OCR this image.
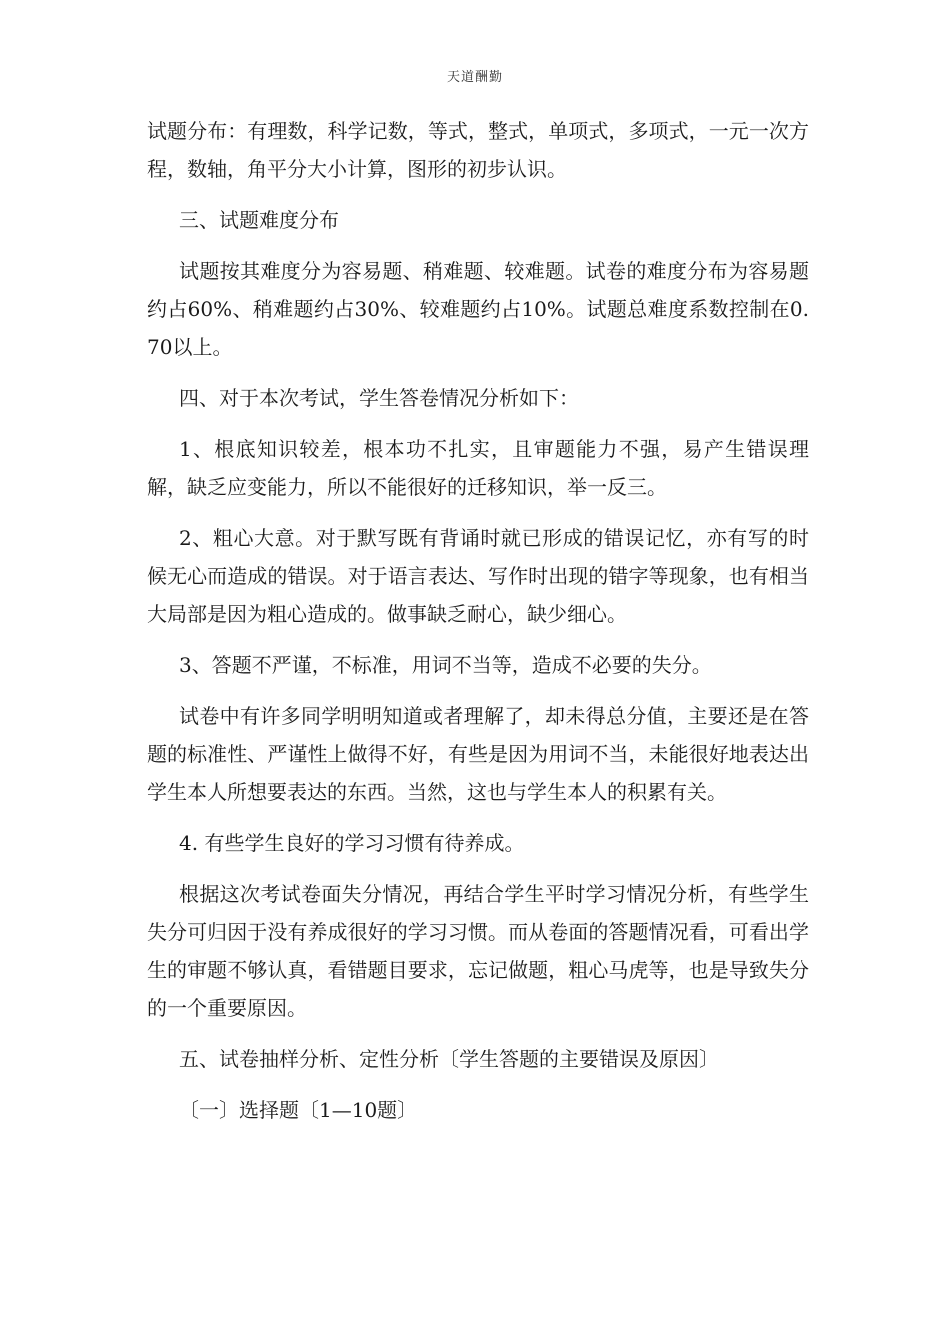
天道酬勤

试题分布：有理数，科学记数，等式，整式，单项式，多项式，一元一次方程，数轴，角平分大小计算，图形的初步认识。

三、试题难度分布

试题按其难度分为容易题、稍难题、较难题。试卷的难度分布为容易题约占60%、稍难题约占30%、较难题约占10%。试题总难度系数控制在0.70以上。

四、对于本次考试，学生答卷情况分析如下：

1、根底知识较差，根本功不扎实，且审题能力不强，易产生错误理解，缺乏应变能力，所以不能很好的迁移知识，举一反三。

2、粗心大意。对于默写既有背诵时就已形成的错误记忆，亦有写的时候无心而造成的错误。对于语言表达、写作时出现的错字等现象，也有相当大局部是因为粗心造成的。做事缺乏耐心，缺少细心。

3、答题不严谨，不标准，用词不当等，造成不必要的失分。

试卷中有许多同学明明知道或者理解了，却未得总分值，主要还是在答题的标准性、严谨性上做得不好，有些是因为用词不当，未能很好地表达出学生本人所想要表达的东西。当然，这也与学生本人的积累有关。

4. 有些学生良好的学习习惯有待养成。

根据这次考试卷面失分情况，再结合学生平时学习情况分析，有些学生失分可归因于没有养成很好的学习习惯。而从卷面的答题情况看，可看出学生的审题不够认真，看错题目要求，忘记做题，粗心马虎等，也是导致失分的一个重要原因。

五、试卷抽样分析、定性分析〔学生答题的主要错误及原因〕

〔一〕选择题〔1—10题〕
